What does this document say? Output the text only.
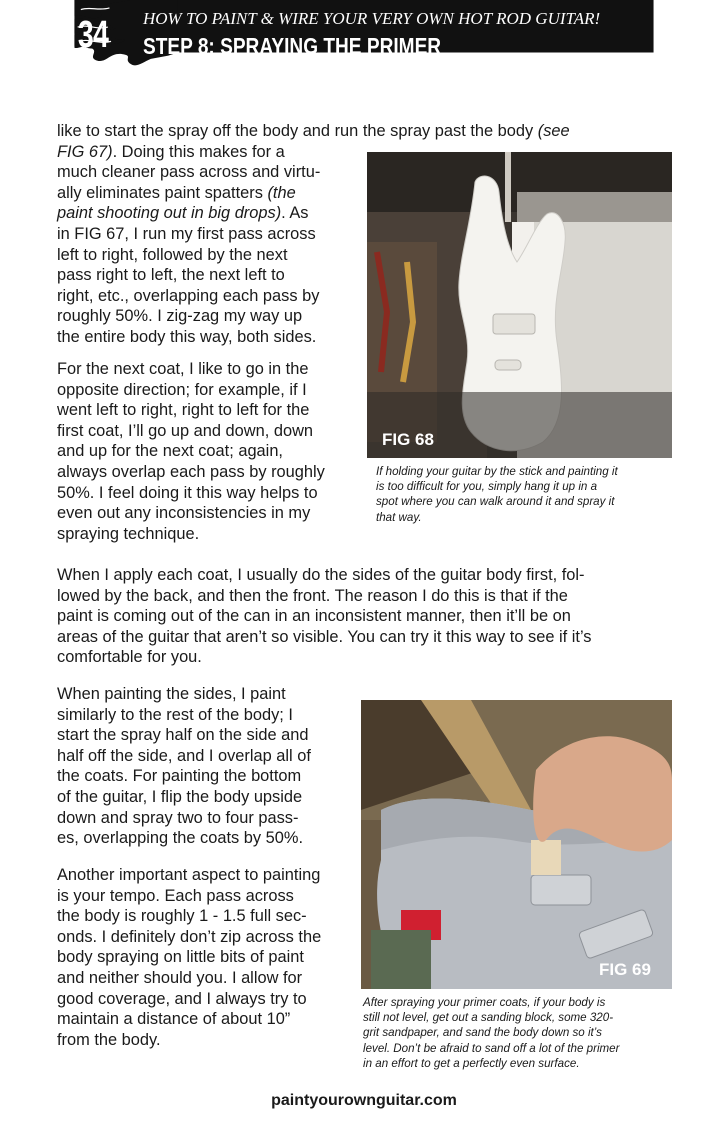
34 HOW TO PAINT & WIRE YOUR VERY OWN HOT ROD GUITAR!
STEP 8: SPRAYING THE PRIMER

like to start the spray off the body and run the spray past the body (see

FIG 67). Doing this makes for a

much cleaner pass across and virtu-

ally eliminates paint spatters (the

paint shooting out in big drops). As

in FIG 67, I run my first pass across

left to right, followed by the next

pass right to left, the next left to

right, etc., overlapping each pass by

roughly 50%. I zig-zag my way up

the entire body this way, both sides.

For the next coat, I like to go in the

opposite direction; for example, if I

went left to right, right to left for the

first coat, I’ll go up and down, down

and up for the next coat; again,

always overlap each pass by roughly

50%. I feel doing it this way helps to

even out any inconsistencies in my

spraying technique.

FIG 68
If holding your guitar by the stick and painting it
is too difficult for you, simply hang it up in a
spot where you can walk around it and spray it
that way.

When I apply each coat, I usually do the sides of the guitar body first, fol-

lowed by the back, and then the front. The reason I do this is that if the

paint is coming out of the can in an inconsistent manner, then it’ll be on

areas of the guitar that aren’t so visible. You can try it this way to see if it’s

comfortable for you.

When painting the sides, I paint

similarly to the rest of the body; I

start the spray half on the side and

half off the side, and I overlap all of

the coats. For painting the bottom

of the guitar, I flip the body upside

down and spray two to four pass-

es, overlapping the coats by 50%.

Another important aspect to painting

is your tempo. Each pass across

the body is roughly 1 - 1.5 full sec-

onds. I definitely don’t zip across the

body spraying on little bits of paint

and neither should you. I allow for

good coverage, and I always try to

maintain a distance of about 10”

from the body.

FIG 69
After spraying your primer coats, if your body is
still not level, get out a sanding block, some 320-
grit sandpaper, and sand the body down so it’s
level. Don’t be afraid to sand off a lot of the primer
in an effort to get a perfectly even surface.
paintyourownguitar.com
